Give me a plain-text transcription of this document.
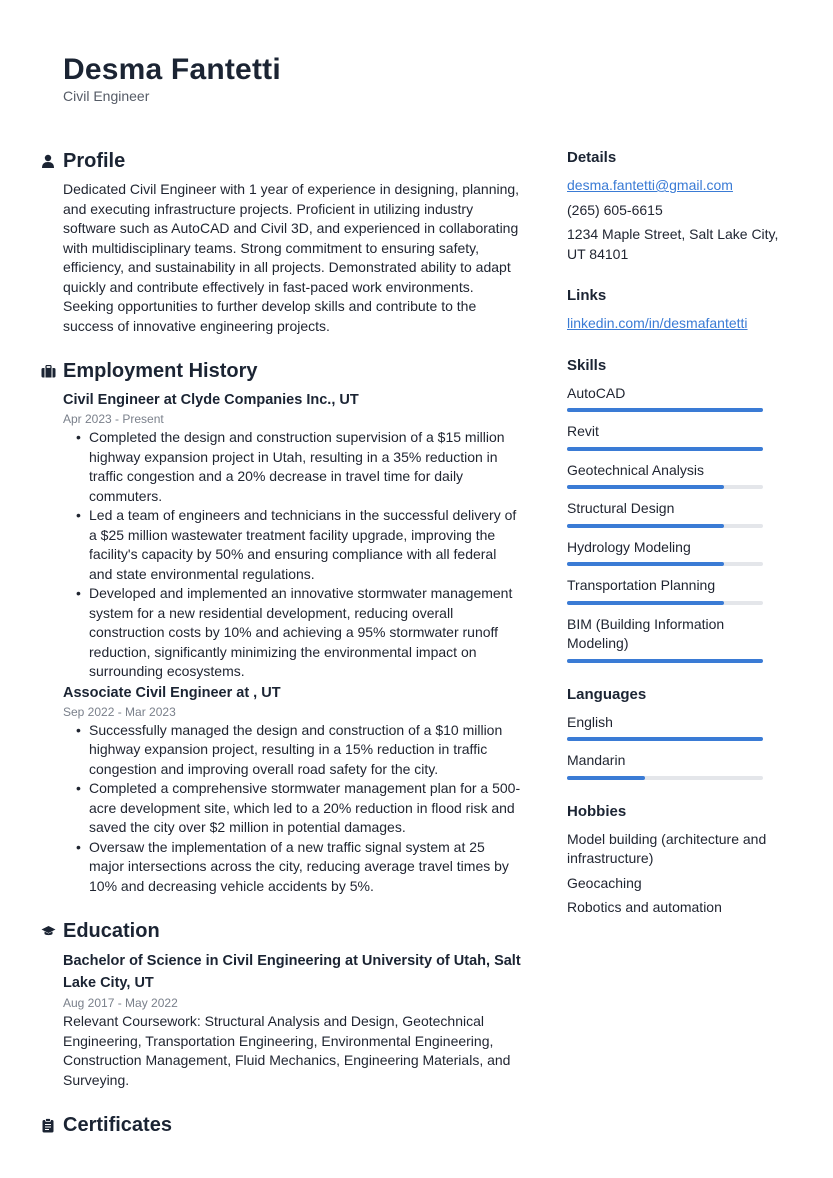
Desma Fantetti
Civil Engineer
Profile
Dedicated Civil Engineer with 1 year of experience in designing, planning, and executing infrastructure projects. Proficient in utilizing industry software such as AutoCAD and Civil 3D, and experienced in collaborating with multidisciplinary teams. Strong commitment to ensuring safety, efficiency, and sustainability in all projects. Demonstrated ability to adapt quickly and contribute effectively in fast-paced work environments. Seeking opportunities to further develop skills and contribute to the success of innovative engineering projects.
Employment History
Civil Engineer at Clyde Companies Inc., UT
Apr 2023 - Present
• Completed the design and construction supervision of a $15 million highway expansion project in Utah, resulting in a 35% reduction in traffic congestion and a 20% decrease in travel time for daily commuters.
• Led a team of engineers and technicians in the successful delivery of a $25 million wastewater treatment facility upgrade, improving the facility's capacity by 50% and ensuring compliance with all federal and state environmental regulations.
• Developed and implemented an innovative stormwater management system for a new residential development, reducing overall construction costs by 10% and achieving a 95% stormwater runoff reduction, significantly minimizing the environmental impact on surrounding ecosystems.
Associate Civil Engineer at , UT
Sep 2022 - Mar 2023
• Successfully managed the design and construction of a $10 million highway expansion project, resulting in a 15% reduction in traffic congestion and improving overall road safety for the city.
• Completed a comprehensive stormwater management plan for a 500-acre development site, which led to a 20% reduction in flood risk and saved the city over $2 million in potential damages.
• Oversaw the implementation of a new traffic signal system at 25 major intersections across the city, reducing average travel times by 10% and decreasing vehicle accidents by 5%.
Education
Bachelor of Science in Civil Engineering at University of Utah, Salt Lake City, UT
Aug 2017 - May 2022
Relevant Coursework: Structural Analysis and Design, Geotechnical Engineering, Transportation Engineering, Environmental Engineering, Construction Management, Fluid Mechanics, Engineering Materials, and Surveying.
Certificates
Details
desma.fantetti@gmail.com
(265) 605-6615
1234 Maple Street, Salt Lake City, UT 84101
Links
linkedin.com/in/desmafantetti
Skills
AutoCAD
Revit
Geotechnical Analysis
Structural Design
Hydrology Modeling
Transportation Planning
BIM (Building Information Modeling)
Languages
English
Mandarin
Hobbies
Model building (architecture and infrastructure)
Geocaching
Robotics and automation
